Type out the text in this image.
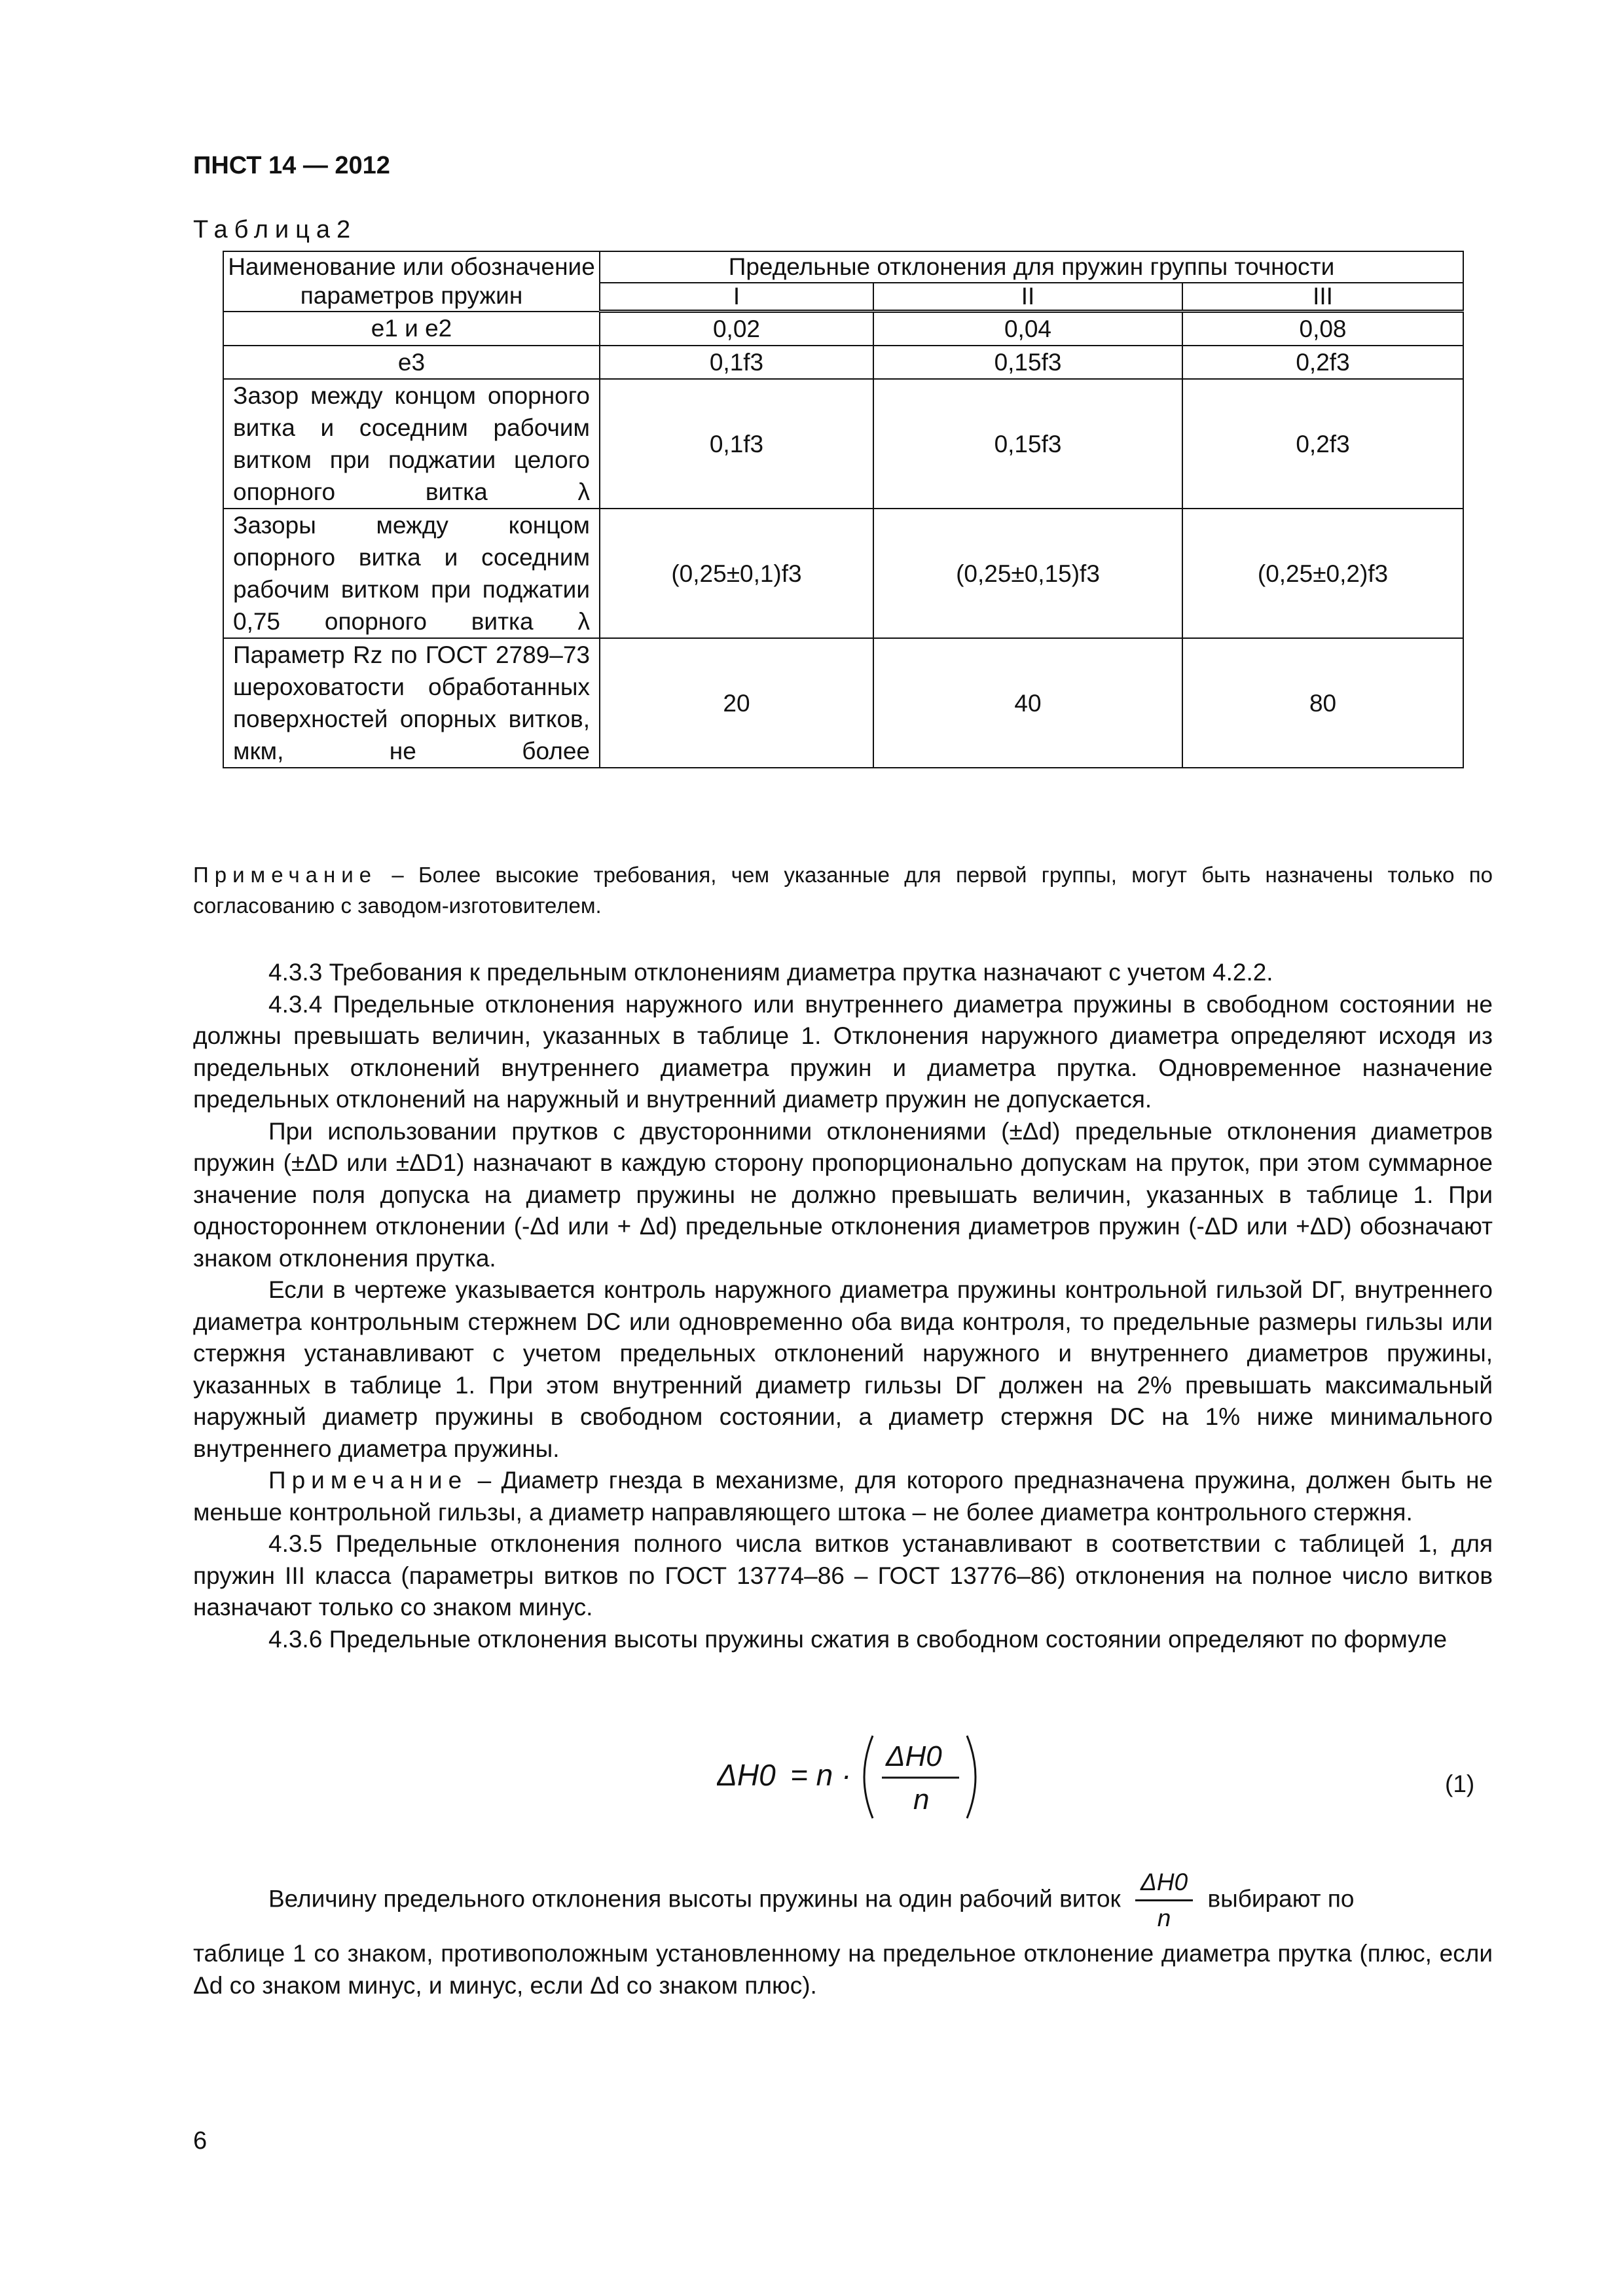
ПНСТ 14 — 2012
Таблица2
Наименование или обозначение параметров пружин	Предельные отклонения для пружин группы точности		
	I	II	III
e1 и e2	0,02	0,04	0,08
e3	0,1f3	0,15f3	0,2f3
Зазор между концом опорного витка и соседним рабочим витком при поджатии целого опорного витка λ	0,1f3	0,15f3	0,2f3
Зазоры между концом опорного витка и соседним рабочим витком при поджатии 0,75 опорного витка λ	(0,25±0,1)f3	(0,25±0,15)f3	(0,25±0,2)f3
Параметр Rz по ГОСТ 2789–73 шероховатости обработанных поверхностей опорных витков, мкм, не более	20	40	80
Примечание – Более высокие требования, чем указанные для первой группы, могут быть назначены только по согласованию с заводом-изготовителем.

4.3.3 Требования к предельным отклонениям диаметра прутка назначают с учетом 4.2.2.

4.3.4 Предельные отклонения наружного или внутреннего диаметра пружины в свободном состоянии не должны превышать величин, указанных в таблице 1. Отклонения наружного диаметра определяют исходя из предельных отклонений внутреннего диаметра пружин и диаметра прутка. Одновременное назначение предельных отклонений на наружный и внутренний диаметр пружин не допускается.

При использовании прутков с двусторонними отклонениями (±Δd) предельные отклонения диаметров пружин (±ΔD или ±ΔD1) назначают в каждую сторону пропорционально допускам на пруток, при этом суммарное значение поля допуска на диаметр пружины не должно превышать величин, указанных в таблице 1. При одностороннем отклонении (-Δd или + Δd) предельные отклонения диаметров пружин (-ΔD или +ΔD) обозначают знаком отклонения прутка.

Если в чертеже указывается контроль наружного диаметра пружины контрольной гильзой DГ, внутреннего диаметра контрольным стержнем DC или одновременно оба вида контроля, то предельные размеры гильзы или стержня устанавливают с учетом предельных отклонений наружного и внутреннего диаметров пружины, указанных в таблице 1. При этом внутренний диаметр гильзы DГ должен на 2% превышать максимальный наружный диаметр пружины в свободном состоянии, а диаметр стержня DC на 1% ниже минимального внутреннего диаметра пружины.

Примечание – Диаметр гнезда в механизме, для которого предназначена пружина, должен быть не меньше контрольной гильзы, а диаметр направляющего штока – не более диаметра контрольного стержня.

4.3.5 Предельные отклонения полного числа витков устанавливают в соответствии с таблицей 1, для пружин III класса (параметры витков по ГОСТ 13774–86 – ГОСТ 13776–86) отклонения на полное число витков назначают только со знаком минус.

4.3.6 Предельные отклонения высоты пружины сжатия в свободном состоянии определяют по формуле

ΔH0 = n ·
ΔH0
n	(1)
Величину предельного отклонения высоты пружины на один рабочий виток $\frac{\Delta H0}{n}$ выбирают по
таблице 1 со знаком, противоположным установленному на предельное отклонение диаметра прутка (плюс, если Δd со знаком минус, и минус, если Δd со знаком плюс).
6
